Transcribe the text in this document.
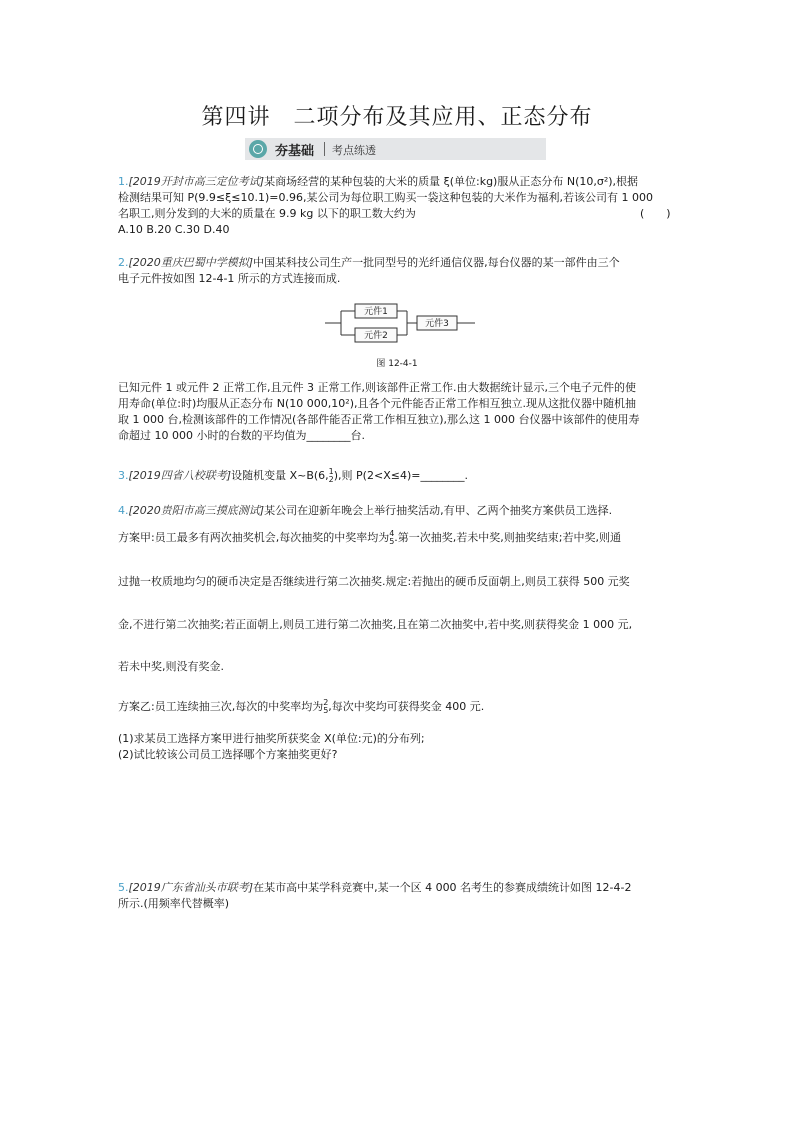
第四讲　二项分布及其应用、正态分布
夯基础 考点练透
1.[2019开封市高三定位考试]某商场经营的某种包装的大米的质量 ξ(单位:kg)服从正态分布 N(10,σ²),根据
检测结果可知 P(9.9≤ξ≤10.1)=0.96,某公司为每位职工购买一袋这种包装的大米作为福利,若该公司有 1 000
名职工,则分发到的大米的质量在 9.9 kg 以下的职工数大约为	(　　)
A.10 B.20 C.30 D.40
2.[2020重庆巴蜀中学模拟]中国某科技公司生产一批同型号的光纤通信仪器,每台仪器的某一部件由三个
电子元件按如图 12-4-1 所示的方式连接而成.
元件1
元件2
元件3
图 12-4-1
已知元件 1 或元件 2 正常工作,且元件 3 正常工作,则该部件正常工作.由大数据统计显示,三个电子元件的使
用寿命(单位:时)均服从正态分布 N(10 000,10²),且各个元件能否正常工作相互独立.现从这批仪器中随机抽
取 1 000 台,检测该部件的工作情况(各部件能否正常工作相互独立),那么这 1 000 台仪器中该部件的使用寿
命超过 10 000 小时的台数的平均值为________台.
3.[2019四省八校联考]设随机变量 X~B(6, 1
2 ),则 P(2<X≤4)=________.
4.[2020贵阳市高三摸底测试]某公司在迎新年晚会上举行抽奖活动,有甲、乙两个抽奖方案供员工选择.
方案甲:员工最多有两次抽奖机会,每次抽奖的中奖率均为 4
5 .第一次抽奖,若未中奖,则抽奖结束;若中奖,则通
过抛一枚质地均匀的硬币决定是否继续进行第二次抽奖.规定:若抛出的硬币反面朝上,则员工获得 500 元奖
金,不进行第二次抽奖;若正面朝上,则员工进行第二次抽奖,且在第二次抽奖中,若中奖,则获得奖金 1 000 元,
若未中奖,则没有奖金.
方案乙:员工连续抽三次,每次的中奖率均为 2
5 ,每次中奖均可获得奖金 400 元.
(1)求某员工选择方案甲进行抽奖所获奖金 X(单位:元)的分布列;
(2)试比较该公司员工选择哪个方案抽奖更好?
5.[2019广东省汕头市联考]在某市高中某学科竞赛中,某一个区 4 000 名考生的参赛成绩统计如图 12-4-2
所示.(用频率代替概率)
